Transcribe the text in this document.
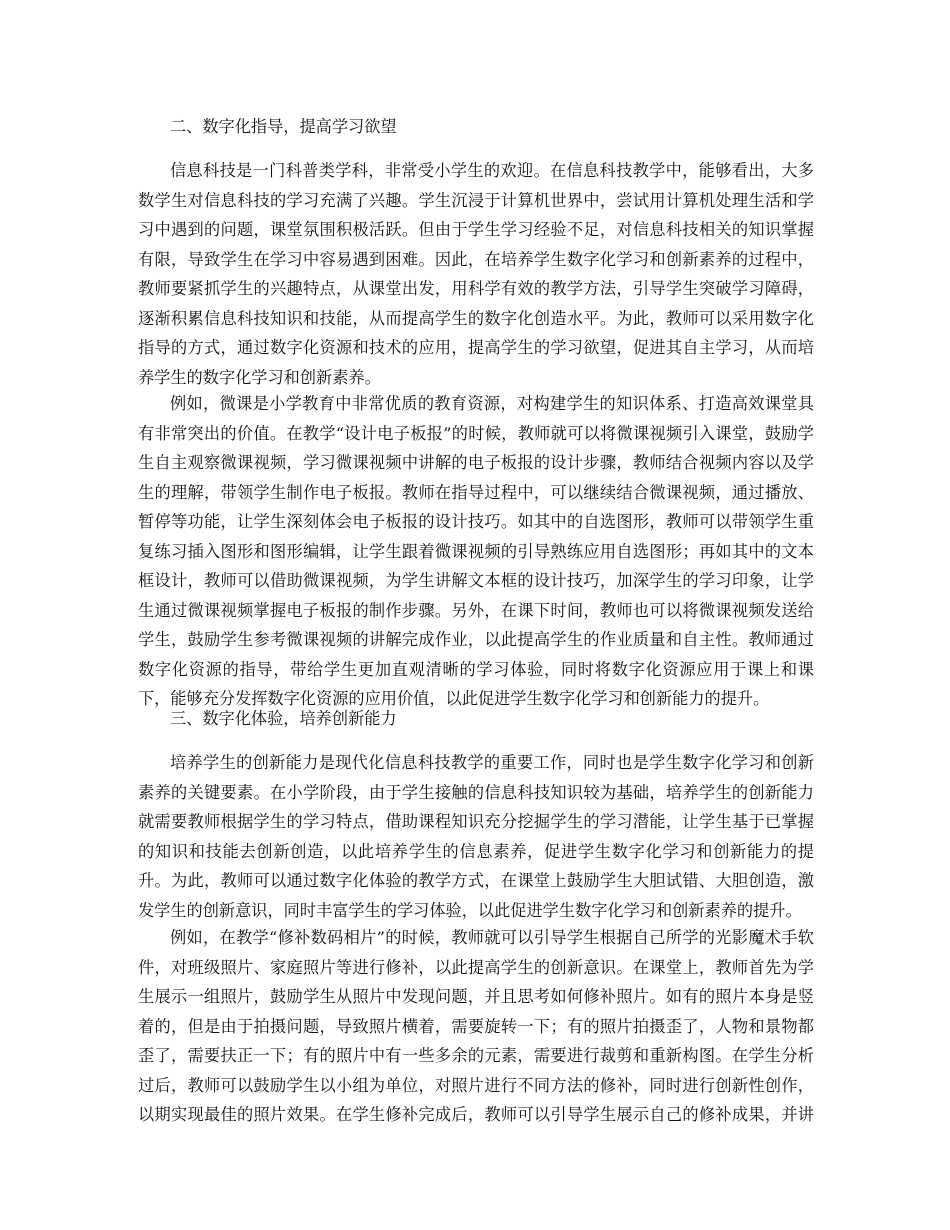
二、数字化指导，提高学习欲望
信息科技是一门科普类学科，非常受小学生的欢迎。在信息科技教学中，能够看出，大多
数学生对信息科技的学习充满了兴趣。学生沉浸于计算机世界中，尝试用计算机处理生活和学
习中遇到的问题，课堂氛围积极活跃。但由于学生学习经验不足，对信息科技相关的知识掌握
有限，导致学生在学习中容易遇到困难。因此，在培养学生数字化学习和创新素养的过程中，
教师要紧抓学生的兴趣特点，从课堂出发，用科学有效的教学方法，引导学生突破学习障碍，
逐渐积累信息科技知识和技能，从而提高学生的数字化创造水平。为此，教师可以采用数字化
指导的方式，通过数字化资源和技术的应用，提高学生的学习欲望，促进其自主学习，从而培
养学生的数字化学习和创新素养。
例如，微课是小学教育中非常优质的教育资源，对构建学生的知识体系、打造高效课堂具
有非常突出的价值。在教学“设计电子板报”的时候，教师就可以将微课视频引入课堂，鼓励学
生自主观察微课视频，学习微课视频中讲解的电子板报的设计步骤，教师结合视频内容以及学
生的理解，带领学生制作电子板报。教师在指导过程中，可以继续结合微课视频，通过播放、
暂停等功能，让学生深刻体会电子板报的设计技巧。如其中的自选图形，教师可以带领学生重
复练习插入图形和图形编辑，让学生跟着微课视频的引导熟练应用自选图形；再如其中的文本
框设计，教师可以借助微课视频，为学生讲解文本框的设计技巧，加深学生的学习印象，让学
生通过微课视频掌握电子板报的制作步骤。另外，在课下时间，教师也可以将微课视频发送给
学生，鼓励学生参考微课视频的讲解完成作业，以此提高学生的作业质量和自主性。教师通过
数字化资源的指导，带给学生更加直观清晰的学习体验，同时将数字化资源应用于课上和课
下，能够充分发挥数字化资源的应用价值，以此促进学生数字化学习和创新能力的提升。
三、数字化体验，培养创新能力
培养学生的创新能力是现代化信息科技教学的重要工作，同时也是学生数字化学习和创新
素养的关键要素。在小学阶段，由于学生接触的信息科技知识较为基础，培养学生的创新能力
就需要教师根据学生的学习特点，借助课程知识充分挖掘学生的学习潜能，让学生基于已掌握
的知识和技能去创新创造，以此培养学生的信息素养，促进学生数字化学习和创新能力的提
升。为此，教师可以通过数字化体验的教学方式，在课堂上鼓励学生大胆试错、大胆创造，激
发学生的创新意识，同时丰富学生的学习体验，以此促进学生数字化学习和创新素养的提升。
例如，在教学“修补数码相片”的时候，教师就可以引导学生根据自己所学的光影魔术手软
件，对班级照片、家庭照片等进行修补，以此提高学生的创新意识。在课堂上，教师首先为学
生展示一组照片，鼓励学生从照片中发现问题，并且思考如何修补照片。如有的照片本身是竖
着的，但是由于拍摄问题，导致照片横着，需要旋转一下；有的照片拍摄歪了，人物和景物都
歪了，需要扶正一下；有的照片中有一些多余的元素，需要进行裁剪和重新构图。在学生分析
过后，教师可以鼓励学生以小组为单位，对照片进行不同方法的修补，同时进行创新性创作，
以期实现最佳的照片效果。在学生修补完成后，教师可以引导学生展示自己的修补成果，并讲
